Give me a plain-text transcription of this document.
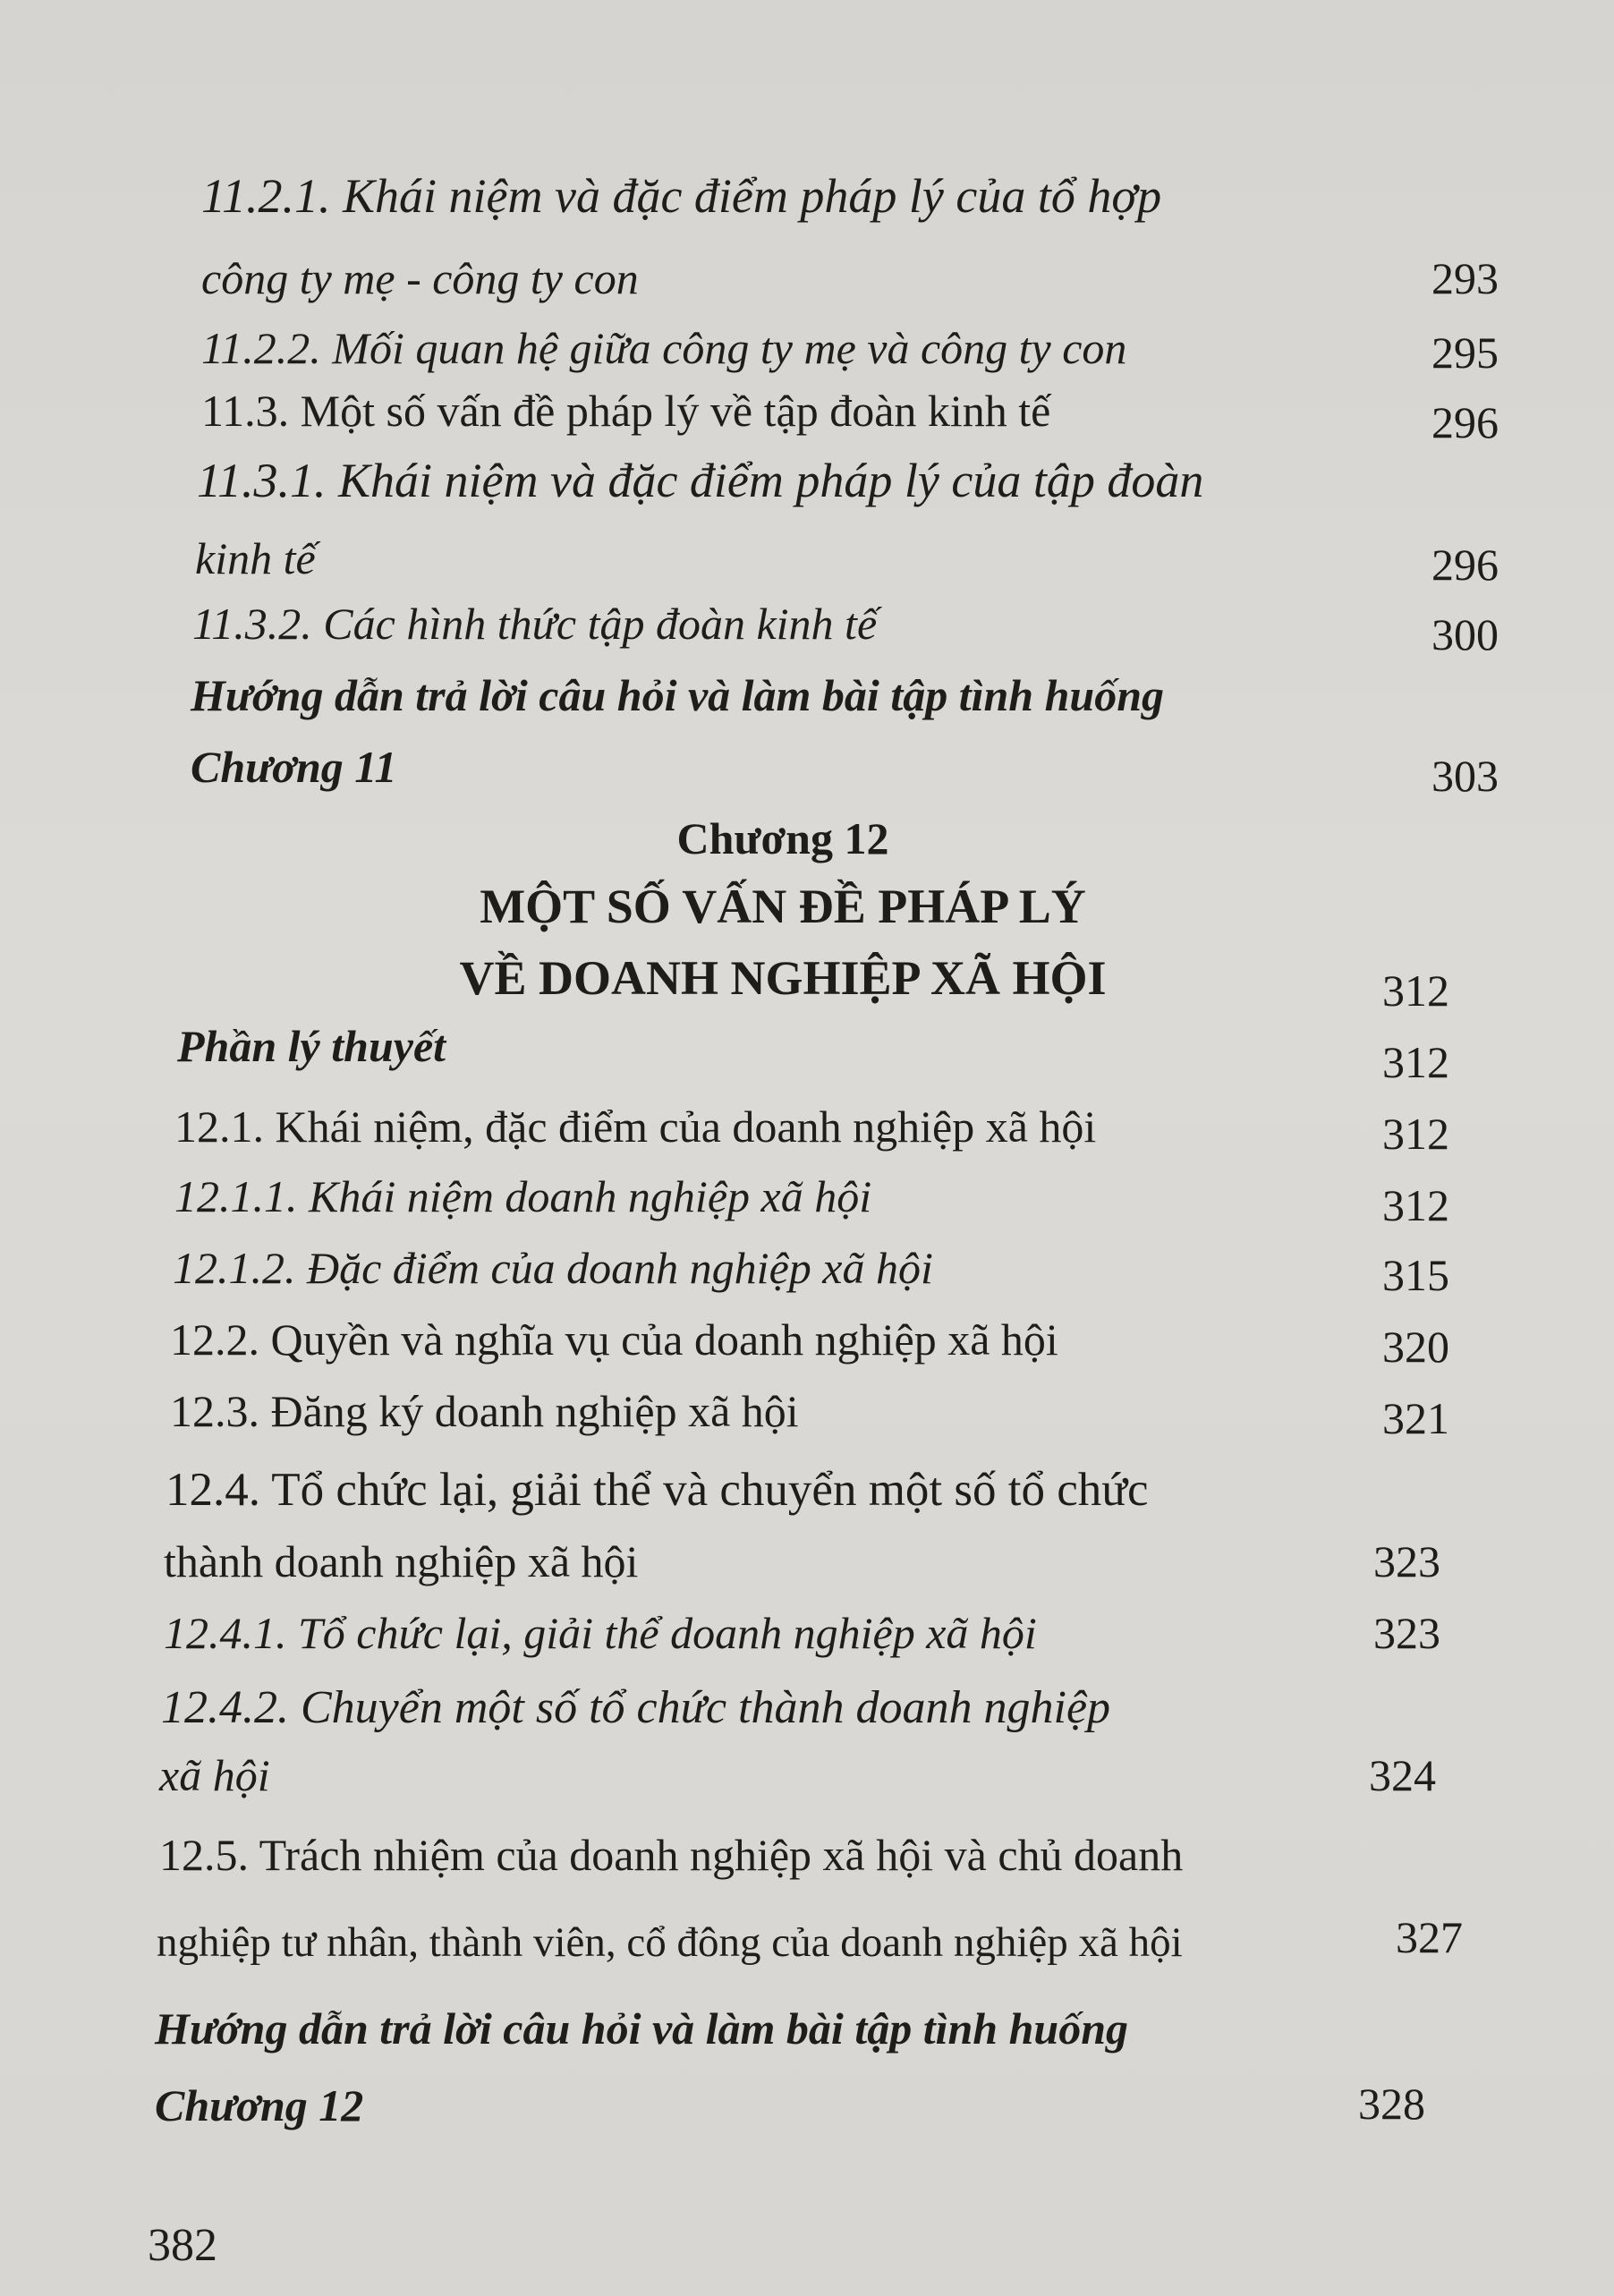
11.2.1. Khái niệm và đặc điểm pháp lý của tổ hợp
công ty mẹ - công ty con	293
11.2.2. Mối quan hệ giữa công ty mẹ và công ty con	295
11.3. Một số vấn đề pháp lý về tập đoàn kinh tế	296
11.3.1. Khái niệm và đặc điểm pháp lý của tập đoàn
kinh tế	296
11.3.2. Các hình thức tập đoàn kinh tế	300
Hướng dẫn trả lời câu hỏi và làm bài tập tình huống
Chương 11	303
Chương 12
MỘT SỐ VẤN ĐỀ PHÁP LÝ
VỀ DOANH NGHIỆP XÃ HỘI	312
Phần lý thuyết	312
12.1. Khái niệm, đặc điểm của doanh nghiệp xã hội	312
12.1.1. Khái niệm doanh nghiệp xã hội	312
12.1.2. Đặc điểm của doanh nghiệp xã hội	315
12.2. Quyền và nghĩa vụ của doanh nghiệp xã hội	320
12.3. Đăng ký doanh nghiệp xã hội	321
12.4. Tổ chức lại, giải thể và chuyển một số tổ chức
thành doanh nghiệp xã hội	323
12.4.1. Tổ chức lại, giải thể doanh nghiệp xã hội	323
12.4.2. Chuyển một số tổ chức thành doanh nghiệp
xã hội	324
12.5. Trách nhiệm của doanh nghiệp xã hội và chủ doanh
nghiệp tư nhân, thành viên, cổ đông của doanh nghiệp xã hội	327
Hướng dẫn trả lời câu hỏi và làm bài tập tình huống
Chương 12	328
382
